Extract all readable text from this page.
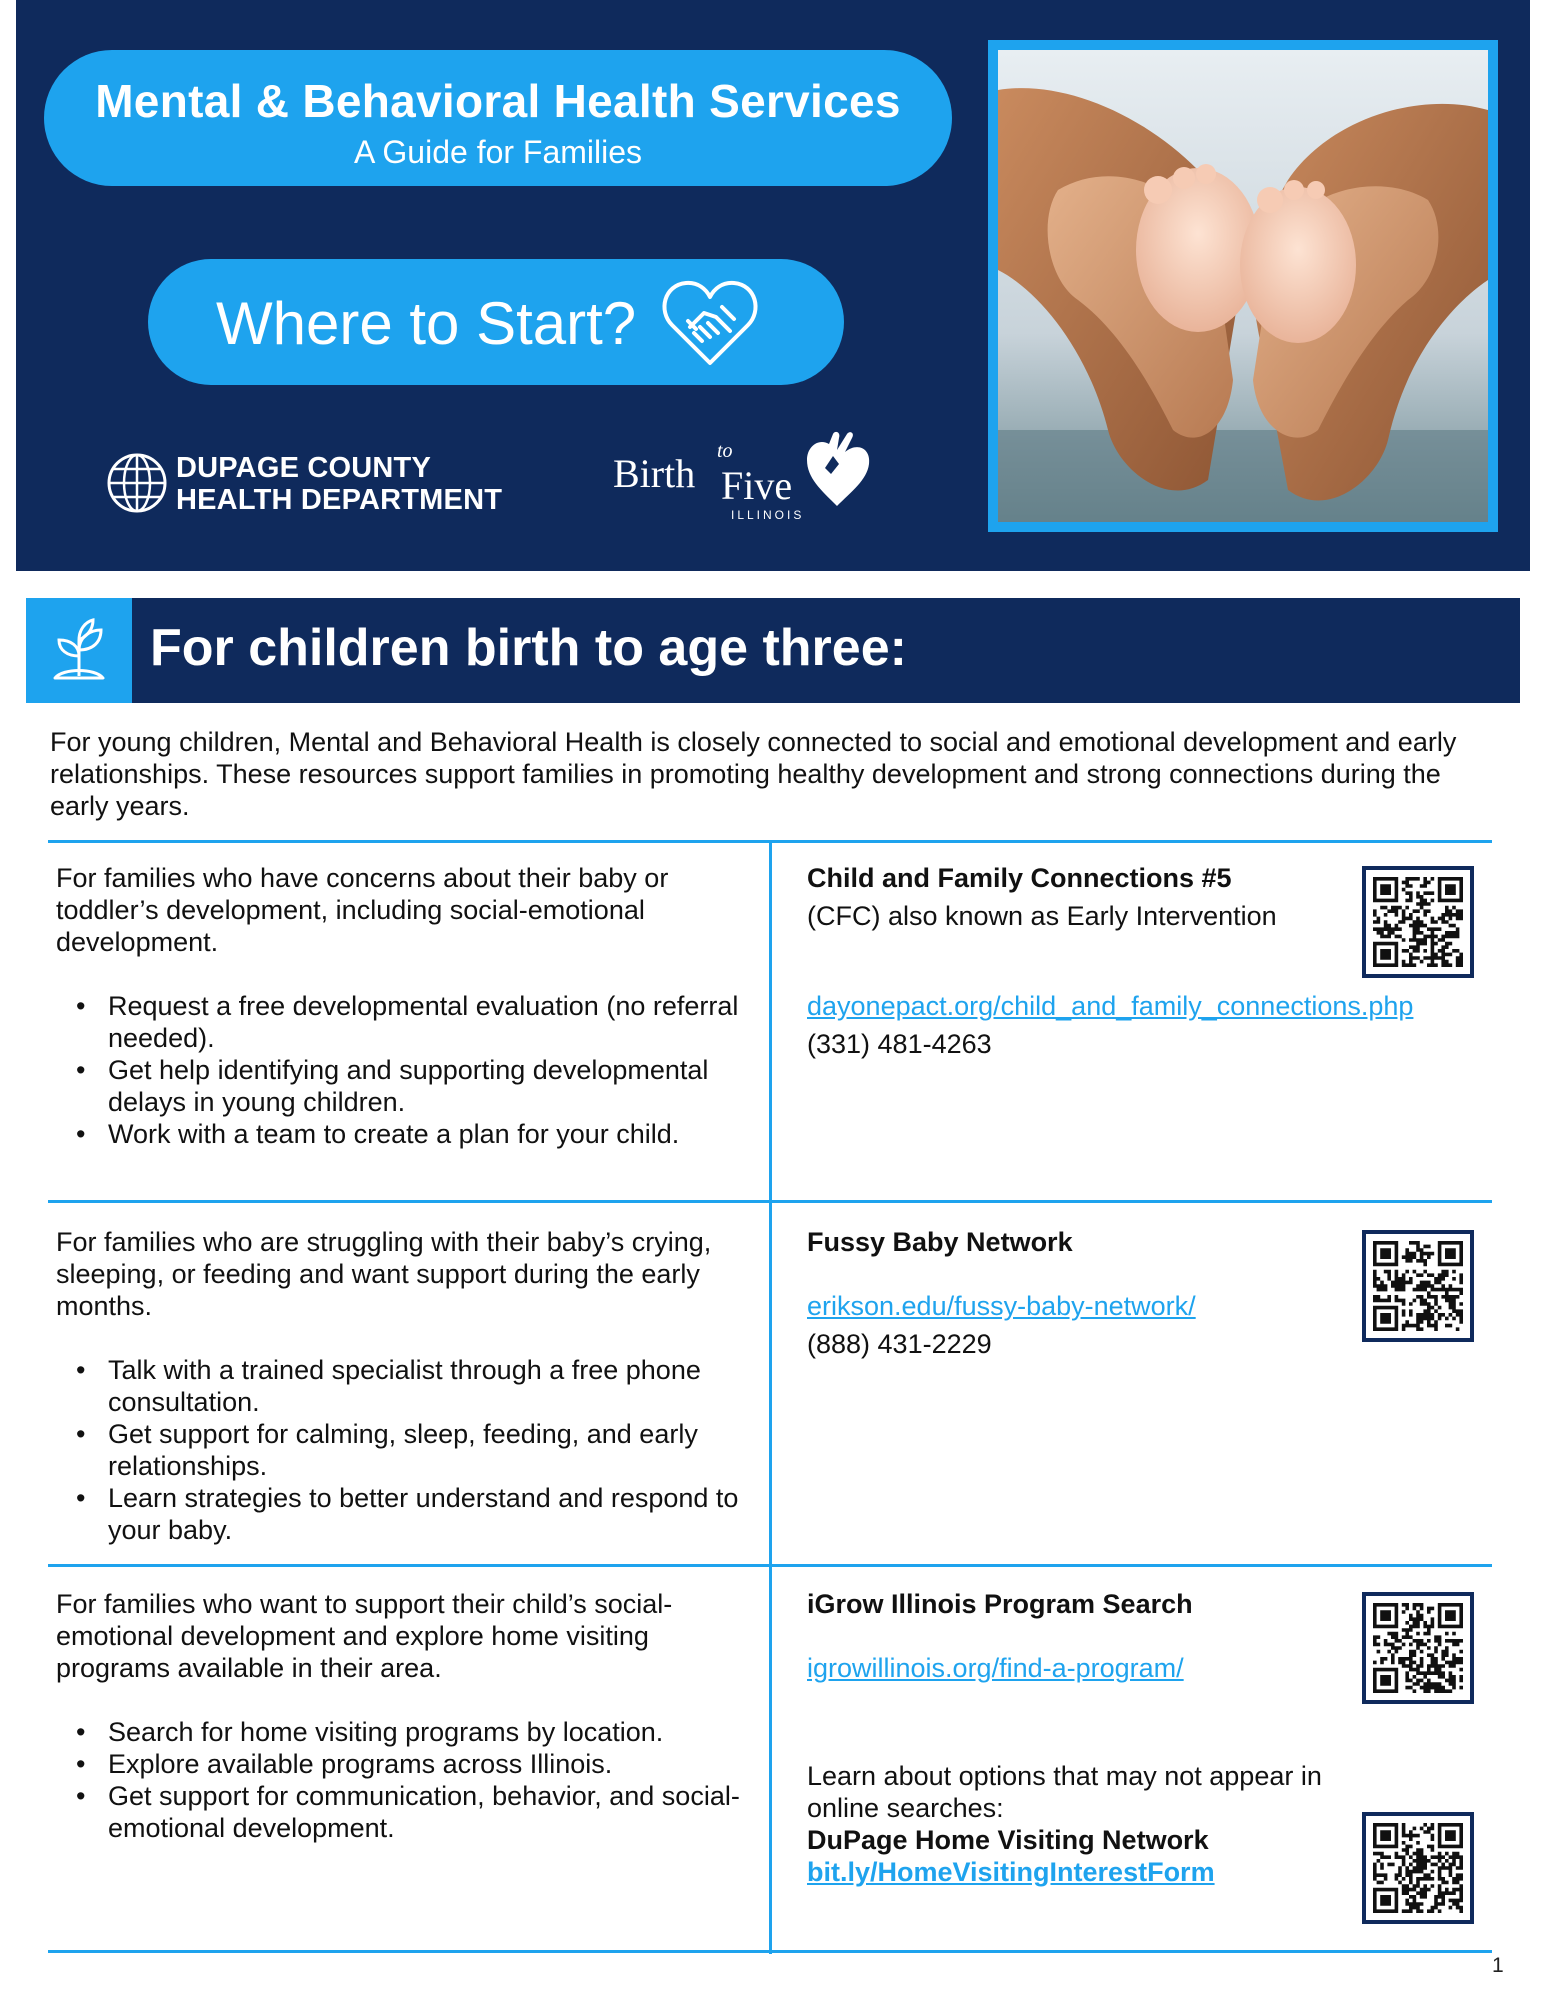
Mental & Behavioral Health Services
A Guide for Families
Where to Start?
DUPAGE COUNTY
HEALTH DEPARTMENT
Birth to
Five
ILLINOIS
For children birth to age three:
For young children, Mental and Behavioral Health is closely connected to social and emotional development and early relationships. These resources support families in promoting healthy development and strong connections during the early years.
For families who have concerns about their baby or toddler’s development, including social-emotional development.
• Request a free developmental evaluation (no referral needed).
• Get help identifying and supporting developmental delays in young children.
• Work with a team to create a plan for your child.
Child and Family Connections #5
(CFC) also known as Early Intervention
dayonepact.org/child_and_family_connections.php
(331) 481-4263
For families who are struggling with their baby’s crying, sleeping, or feeding and want support during the early months.
• Talk with a trained specialist through a free phone consultation.
• Get support for calming, sleep, feeding, and early relationships.
• Learn strategies to better understand and respond to your baby.
Fussy Baby Network
erikson.edu/fussy-baby-network/
(888) 431-2229
For families who want to support their child’s social-emotional development and explore home visiting programs available in their area.
• Search for home visiting programs by location.
• Explore available programs across Illinois.
• Get support for communication, behavior, and social-emotional development.
iGrow Illinois Program Search
igrowillinois.org/find-a-program/
Learn about options that may not appear in online searches:
DuPage Home Visiting Network
bit.ly/HomeVisitingInterestForm
1
